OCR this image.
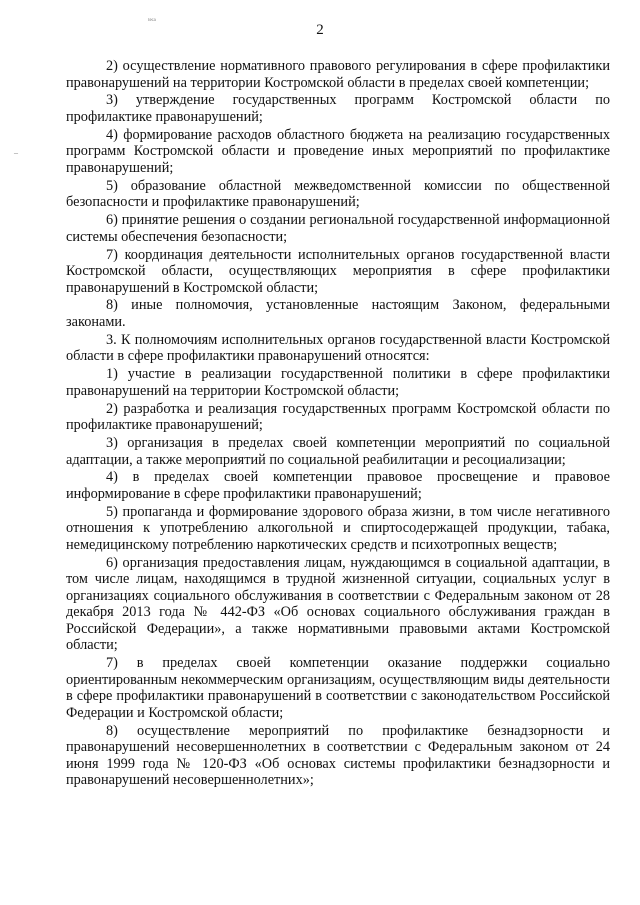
2
ᵗᵉᶜᵃ
–

2) осуществление нормативного правового регулирования в сфере профилактики правонарушений на территории Костромской области в пределах своей компетенции;

3) утверждение государственных программ Костромской области по профилактике правонарушений;

4) формирование расходов областного бюджета на реализацию государственных программ Костромской области и проведение иных мероприятий по профилактике правонарушений;

5) образование областной межведомственной комиссии по общественной безопасности и профилактике правонарушений;

6) принятие решения о создании региональной государственной информационной системы обеспечения безопасности;

7) координация деятельности исполнительных органов государственной власти Костромской области, осуществляющих мероприятия в сфере профилактики правонарушений в Костромской области;

8) иные полномочия, установленные настоящим Законом, федеральными законами.

3. К полномочиям исполнительных органов государственной власти Костромской области в сфере профилактики правонарушений относятся:

1) участие в реализации государственной политики в сфере профилактики правонарушений на территории Костромской области;

2) разработка и реализация государственных программ Костромской области по профилактике правонарушений;

3) организация в пределах своей компетенции мероприятий по социальной адаптации, а также мероприятий по социальной реабилитации и ресоциализации;

4) в пределах своей компетенции правовое просвещение и правовое информирование в сфере профилактики правонарушений;

5) пропаганда и формирование здорового образа жизни, в том числе негативного отношения к употреблению алкогольной и спиртосодержащей продукции, табака, немедицинскому потреблению наркотических средств и психотропных веществ;

6) организация предоставления лицам, нуждающимся в социальной адаптации, в том числе лицам, находящимся в трудной жизненной ситуации, социальных услуг в организациях социального обслуживания в соответствии с Федеральным законом от 28 декабря 2013 года № 442-ФЗ «Об основах социального обслуживания граждан в Российской Федерации», а также нормативными правовыми актами Костромской области;

7) в пределах своей компетенции оказание поддержки социально ориентированным некоммерческим организациям, осуществляющим виды деятельности в сфере профилактики правонарушений в соответствии с законодательством Российской Федерации и Костромской области;

8) осуществление мероприятий по профилактике безнадзорности и правонарушений несовершеннолетних в соответствии с Федеральным законом от 24 июня 1999 года № 120-ФЗ «Об основах системы профилактики безнадзорности и правонарушений несовершеннолетних»;
